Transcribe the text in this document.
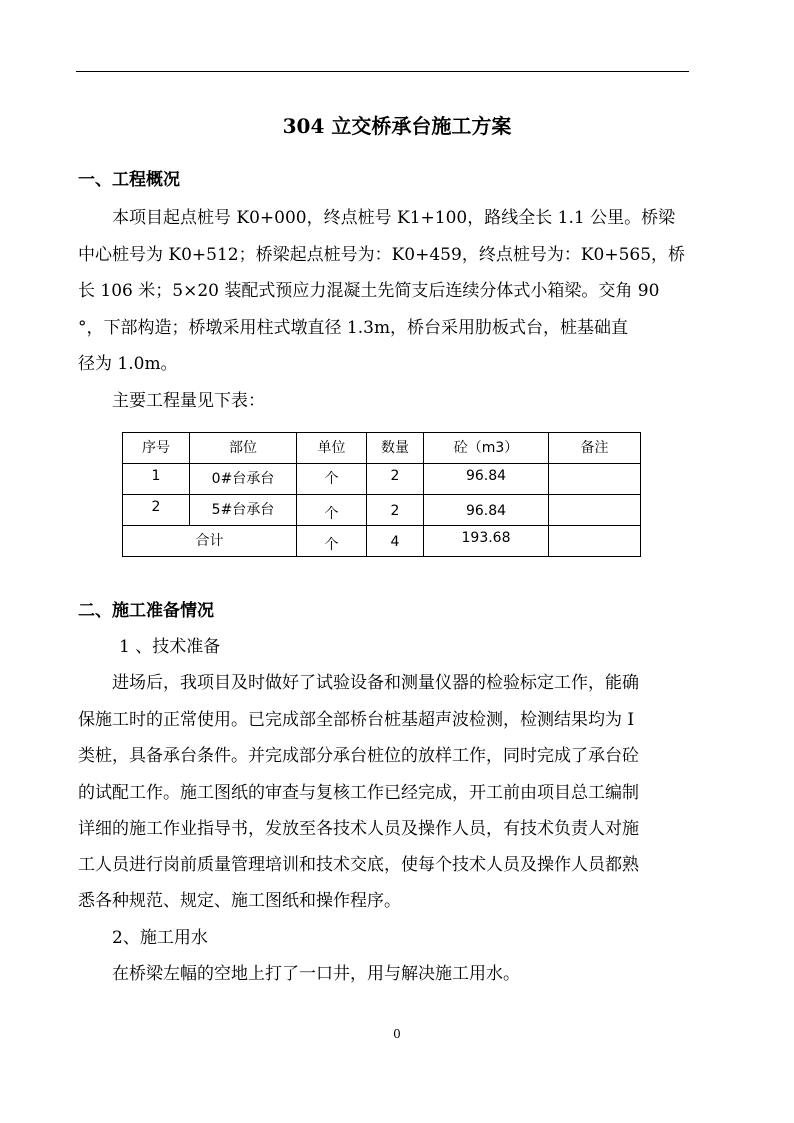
304 立交桥承台施工方案
一、工程概况
本项目起点桩号 K0+000，终点桩号 K1+100，路线全长 1.1 公里。桥梁
中心桩号为 K0+512；桥梁起点桩号为：K0+459，终点桩号为：K0+565，桥
长 106 米；5×20 装配式预应力混凝土先简支后连续分体式小箱梁。交角 90
°，下部构造；桥墩采用柱式墩直径 1.3m，桥台采用肋板式台，桩基础直
径为 1.0m。
主要工程量见下表：
序号	部位	单位	数量	砼（m3）	备注

1	0#台承台	个	2	96.84	

2	5#台承台	个	2	96.84	

合计		个	4	193.68	

二、施工准备情况
1 、技术准备
进场后，我项目及时做好了试验设备和测量仪器的检验标定工作，能确
保施工时的正常使用。已完成部全部桥台桩基超声波检测，检测结果均为 I
类桩，具备承台条件。并完成部分承台桩位的放样工作，同时完成了承台砼
的试配工作。施工图纸的审查与复核工作已经完成，开工前由项目总工编制
详细的施工作业指导书，发放至各技术人员及操作人员，有技术负责人对施
工人员进行岗前质量管理培训和技术交底，使每个技术人员及操作人员都熟
悉各种规范、规定、施工图纸和操作程序。
2、施工用水
在桥梁左幅的空地上打了一口井，用与解决施工用水。
0
